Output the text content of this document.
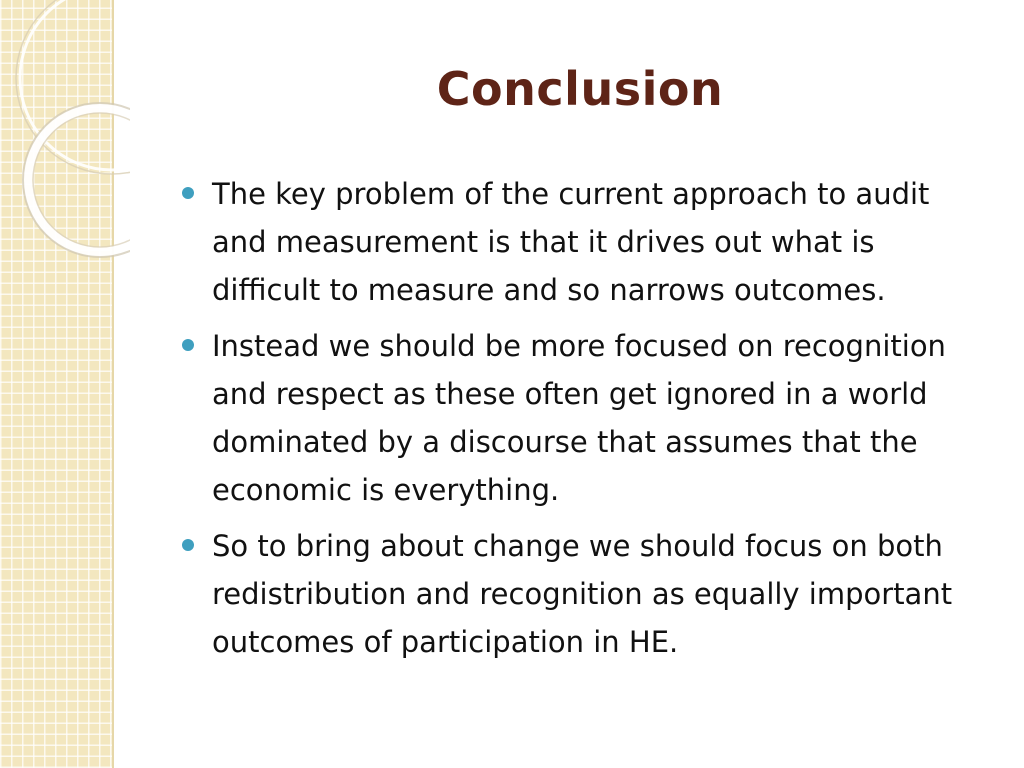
Conclusion
The key problem of the current approach to audit and measurement is that it drives out what is difficult to measure and so narrows outcomes.
Instead we should be more focused on recognition and respect as these often get ignored in a world dominated by a discourse that assumes that the economic is everything.
So to bring about change we should focus on both redistribution and recognition as equally important outcomes of participation in HE.
